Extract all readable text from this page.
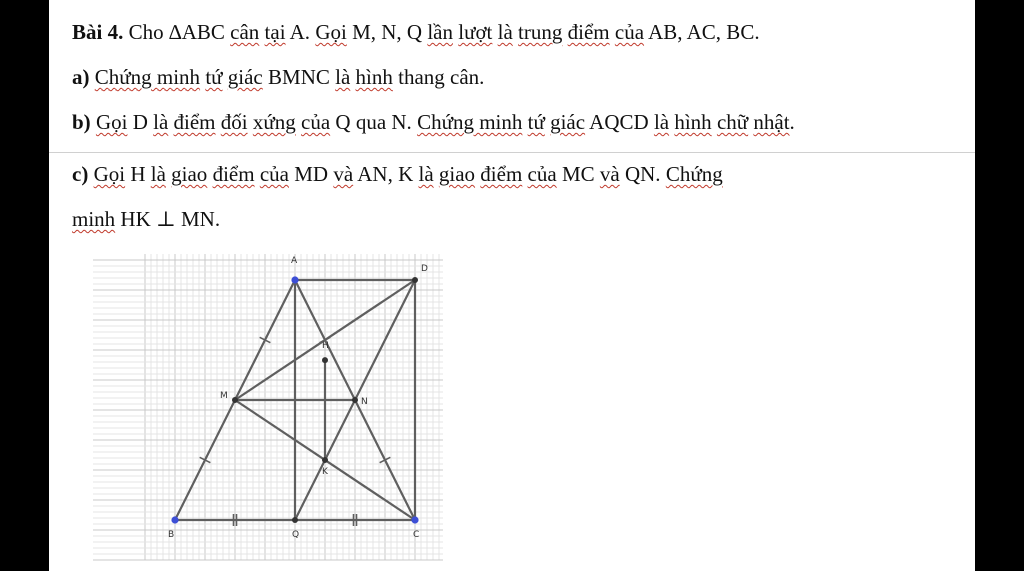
Bài 4. Cho ∆ABC cân tại A. Gọi M, N, Q lần lượt là trung điểm của AB, AC, BC.

a) Chứng minh tứ giác BMNC là hình thang cân.

b) Gọi D là điểm đối xứng của Q qua N. Chứng minh tứ giác AQCD là hình chữ nhật.

c) Gọi H là giao điểm của MD và AN, K là giao điểm của MC và QN. Chứng

minh HK ⊥ MN.

A
D
H
M
N
K
B	Q	C
